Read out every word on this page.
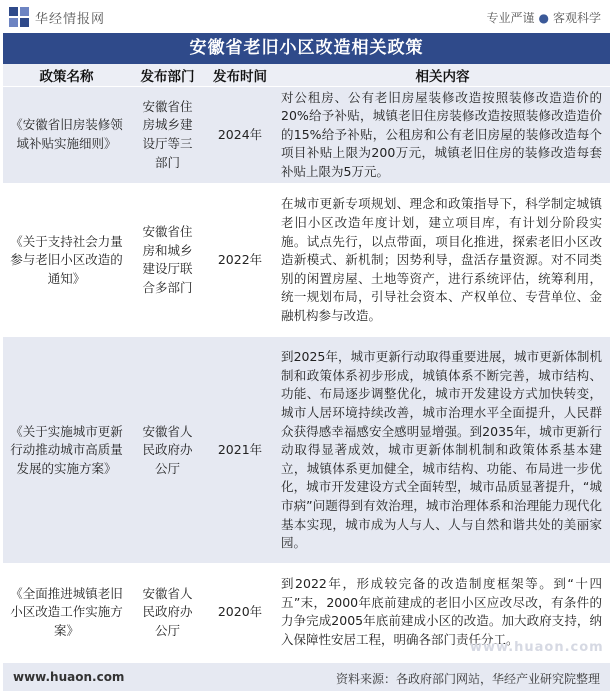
华经情报网	专业严谨 ● 客观科学
安徽省老旧小区改造相关政策
政策名称	发布部门	发布时间	相关内容
《安徽省旧房装修领域补贴实施细则》	安徽省住房城乡建设厅等三部门	2024年	对公租房、公有老旧房屋装修改造按照装修改造造价的20%给予补贴，城镇老旧住房装修改造按照装修改造造价的15%给予补贴，公租房和公有老旧房屋的装修改造每个项目补贴上限为200万元，城镇老旧住房的装修改造每套补贴上限为5万元。
《关于支持社会力量参与老旧小区改造的通知》	安徽省住房和城乡建设厅联合多部门	2022年	在城市更新专项规划、理念和政策指导下，科学制定城镇老旧小区改造年度计划，建立项目库，有计划分阶段实施。试点先行，以点带面，项目化推进，探索老旧小区改造新模式、新机制；因势利导，盘活存量资源。对不同类别的闲置房屋、土地等资产，进行系统评估，统筹利用，统一规划布局，引导社会资本、产权单位、专营单位、金融机构参与改造。
《关于实施城市更新行动推动城市高质量发展的实施方案》	安徽省人民政府办公厅	2021年	到2025年，城市更新行动取得重要进展，城市更新体制机制和政策体系初步形成，城镇体系不断完善，城市结构、功能、布局逐步调整优化，城市开发建设方式加快转变，城市人居环境持续改善，城市治理水平全面提升，人民群众获得感幸福感安全感明显增强。到2035年，城市更新行动取得显著成效，城市更新体制机制和政策体系基本建立，城镇体系更加健全，城市结构、功能、布局进一步优化，城市开发建设方式全面转型，城市品质显著提升，“城市病”问题得到有效治理，城市治理体系和治理能力现代化基本实现，城市成为人与人、人与自然和谐共处的美丽家园。
《全面推进城镇老旧小区改造工作实施方案》	安徽省人民政府办公厅	2020年	到2022年，形成较完备的改造制度框架等。到“十四五”末，2000年底前建成的老旧小区应改尽改，有条件的力争完成2005年底前建成小区的改造。加大政府支持，纳入保障性安居工程，明确各部门责任分工。
www.huaon.com
www.huaon.com	资料来源：各政府部门网站，华经产业研究院整理
